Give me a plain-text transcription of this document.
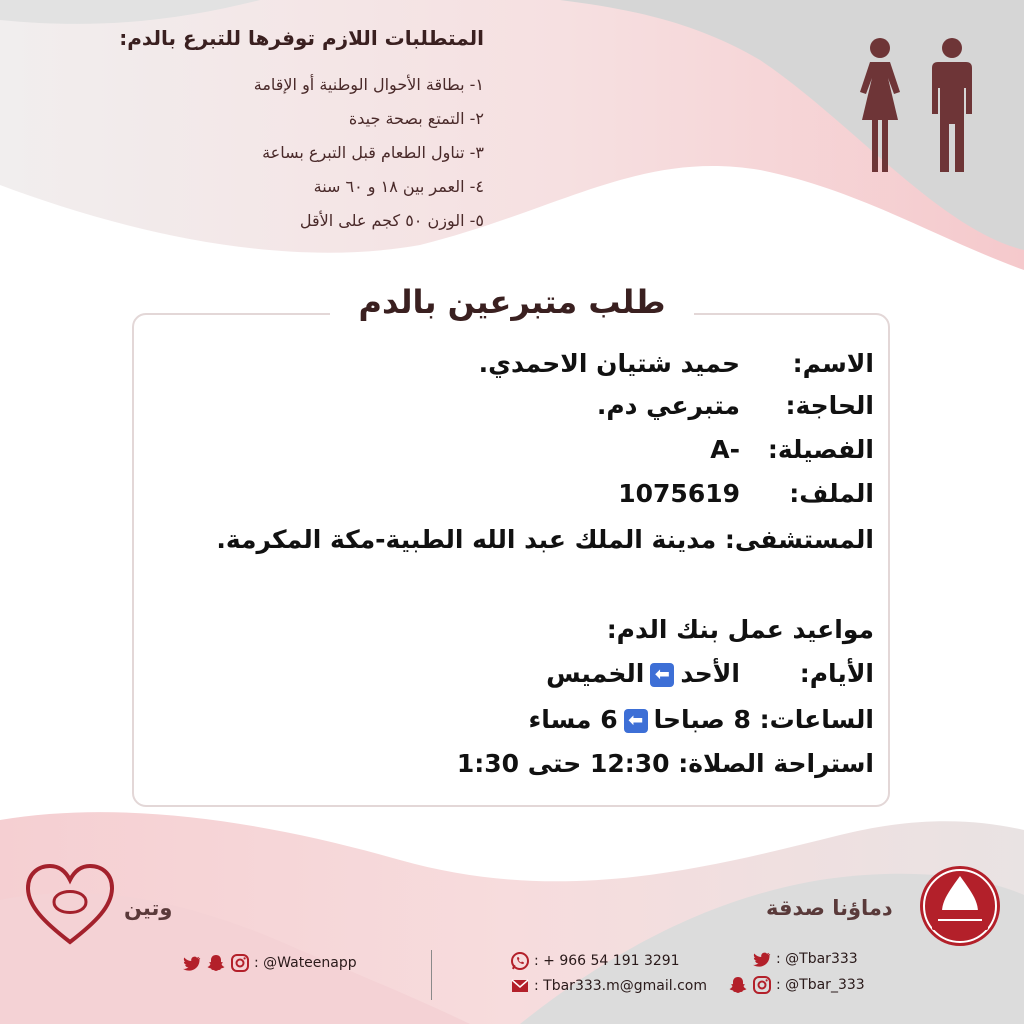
المتطلبات اللازم توفرها للتبرع بالدم:
١- بطاقة الأحوال الوطنية أو الإقامة
٢- التمتع بصحة جيدة
٣- تناول الطعام قبل التبرع بساعة
٤- العمر بين ١٨ و ٦٠ سنة
٥- الوزن ٥٠ كجم على الأقل
طلب متبرعين بالدم
الاسم:حميد شتيان الاحمدي.
الحاجة:متبرعي دم.
الفصيلة:A-
الملف:1075619
المستشفى: مدينة الملك عبد الله الطبية-مكة المكرمة.
مواعيد عمل بنك الدم:
الأيام:الأحد⬅الخميس
الساعات: 8 صباحا⬅6 مساء
استراحة الصلاة: 12:30 حتى 1:30
وتين	دماؤنا صدقة
: @Wateenapp	: + 966 54 191 3291
: Tbar333.m@gmail.com
: @Tbar333
: @Tbar_333
